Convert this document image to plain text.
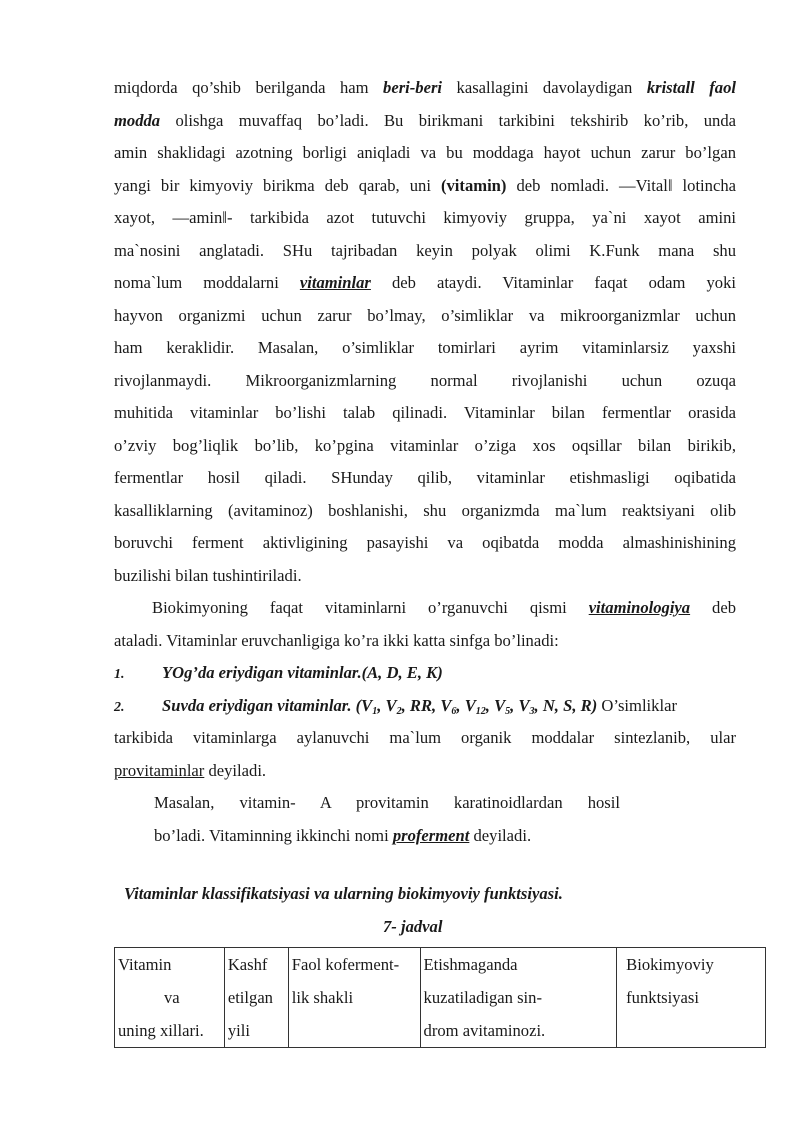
miqdorda qo’shib berilganda ham beri-beri kasallagini davolaydigan kristall faol
modda olishga muvaffaq bo’ladi. Bu birikmani tarkibini tekshirib ko’rib, unda
amin shaklidagi azotning borligi aniqladi va bu moddaga hayot uchun zarur bo’lgan
yangi bir kimyoviy birikma deb qarab, uni (vitamin) deb nomladi. ―Vital‖ lotincha
xayot, ―amin‖- tarkibida azot tutuvchi kimyoviy gruppa, ya`ni xayot amini
ma`nosini anglatadi. SHu tajribadan keyin polyak olimi K.Funk mana shu
noma`lum moddalarni vitaminlar deb ataydi. Vitaminlar faqat odam yoki
hayvon organizmi uchun zarur bo’lmay, o’simliklar va mikroorganizmlar uchun
ham keraklidir. Masalan, o’simliklar tomirlari ayrim vitaminlarsiz yaxshi
rivojlanmaydi. Mikroorganizmlarning normal rivojlanishi uchun ozuqa
muhitida vitaminlar bo’lishi talab qilinadi. Vitaminlar bilan fermentlar orasida
o’zviy bog’liqlik bo’lib, ko’pgina vitaminlar o’ziga xos oqsillar bilan birikib,
fermentlar hosil qiladi. SHunday qilib, vitaminlar etishmasligi oqibatida
kasalliklarning (avitaminoz) boshlanishi, shu organizmda ma`lum reaktsiyani olib
boruvchi ferment aktivligining pasayishi va oqibatda modda almashinishining
buzilishi bilan tushintiriladi.
Biokimyoning faqat vitaminlarni o’rganuvchi qismi vitaminologiya deb
ataladi. Vitaminlar eruvchanligiga ko’ra ikki katta sinfga bo’linadi:
1. YOg’da eriydigan vitaminlar.(A, D, E, K)
2. Suvda eriydigan vitaminlar. ($V_1$, $V_2$, RR, $V_6$, $V_{12}$, $V_5$, $V_3$, N, S, R) O’simliklar
tarkibida vitaminlarga aylanuvchi ma`lum organik moddalar sintezlanib, ular
provitaminlar deyiladi.
Masalan, vitamin- A provitamin karatinoidlardan hosil
bo’ladi. Vitaminning ikkinchi nomi proferment deyiladi.
Vitaminlar klassifikatsiyasi va ularning biokimyoviy funktsiyasi.
7- jadval
Vitamin
va
uning xillari.

Kashf
etilgan
yili

Faol koferment-
lik shakli

Etishmaganda
kuzatiladigan sin-
drom avitaminozi.

Biokimyoviy
funktsiyasi
